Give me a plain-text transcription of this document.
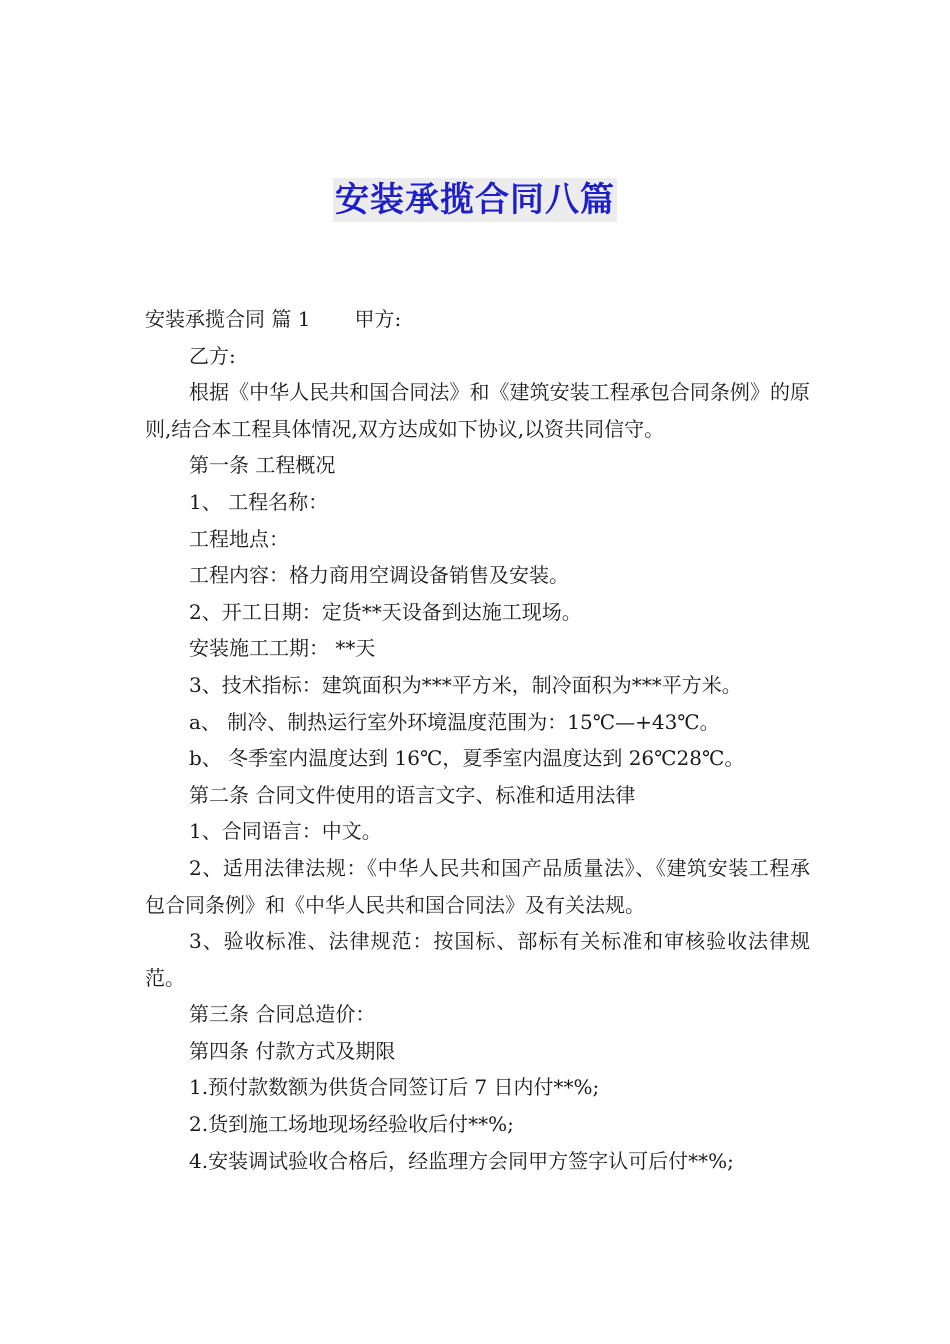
安装承揽合同八篇

安装承揽合同 篇 1 甲方:

乙方:

根据《中华人民共和国合同法》和《建筑安装工程承包合同条例》的原则,结合本工程具体情况,双方达成如下协议,以资共同信守。

第一条 工程概况

1、 工程名称：

工程地点：

工程内容：格力商用空调设备销售及安装。

2、开工日期：定货**天设备到达施工现场。

安装施工工期： **天

3、技术指标：建筑面积为***平方米，制冷面积为***平方米。

a、 制冷、制热运行室外环境温度范围为：15℃—+43℃。

b、 冬季室内温度达到 16℃，夏季室内温度达到 26℃28℃。

第二条 合同文件使用的语言文字、标准和适用法律

1、合同语言：中文。

2、适用法律法规：《中华人民共和国产品质量法》、《建筑安装工程承包合同条例》和《中华人民共和国合同法》及有关法规。

3、验收标准、法律规范：按国标、部标有关标准和审核验收法律规范。

第三条 合同总造价：

第四条 付款方式及期限

1.预付款数额为供货合同签订后 7 日内付**%;

2.货到施工场地现场经验收后付**%;

4.安装调试验收合格后，经监理方会同甲方签字认可后付**%;
